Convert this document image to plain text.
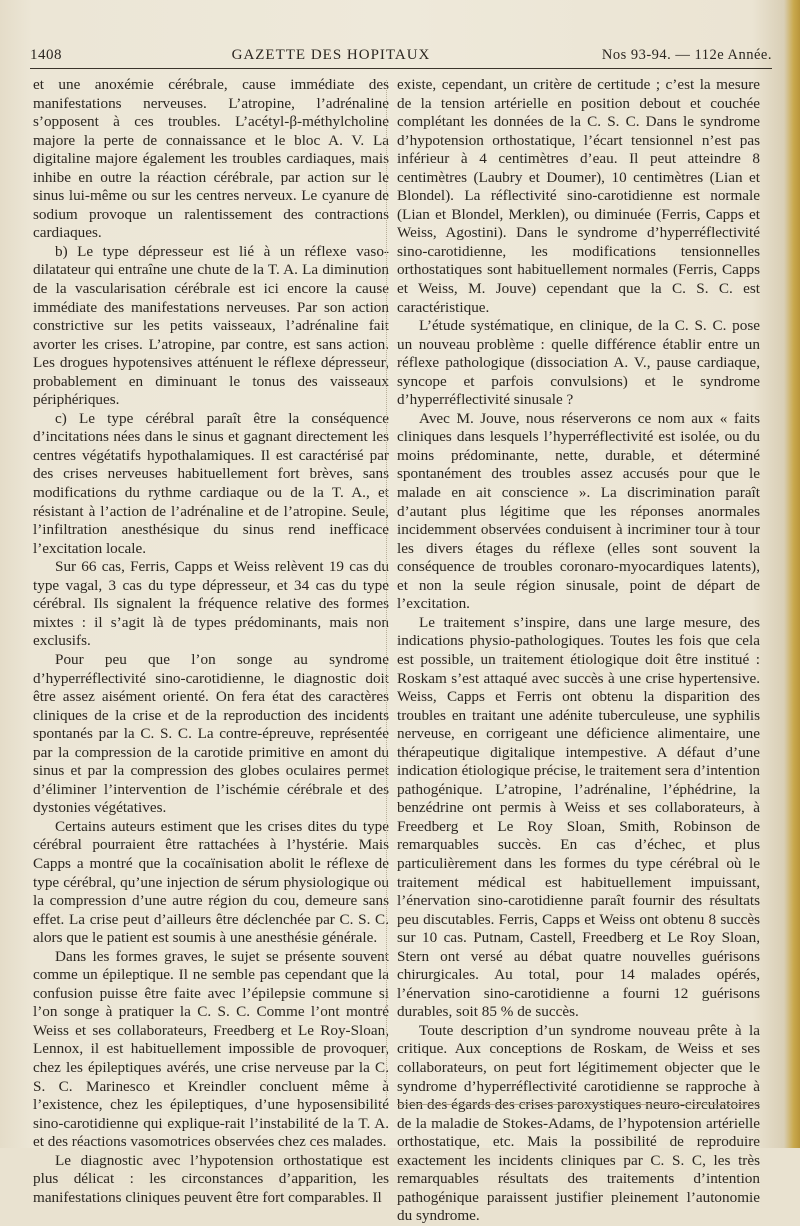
1408	GAZETTE DES HOPITAUX	Nos 93-94. — 112e Année.

et une anoxémie cérébrale, cause immédiate des manifestations nerveuses. L’atropine, l’adrénaline s’opposent à ces troubles. L’acétyl-β-méthylcholine majore la perte de connaissance et le bloc A. V. La digitaline majore également les troubles cardiaques, mais inhibe en outre la réaction cérébrale, par action sur le sinus lui-même ou sur les centres nerveux. Le cyanure de sodium provoque un ralentissement des contractions cardiaques.

b) Le type dépresseur est lié à un réflexe vaso-dilatateur qui entraîne une chute de la T. A. La diminution de la vascularisation cérébrale est ici encore la cause immédiate des manifestations nerveuses. Par son action constrictive sur les petits vaisseaux, l’adrénaline fait avorter les crises. L’atropine, par contre, est sans action. Les drogues hypotensives atténuent le réflexe dépresseur, probablement en diminuant le tonus des vaisseaux périphériques.

c) Le type cérébral paraît être la conséquence d’incitations nées dans le sinus et gagnant directement les centres végétatifs hypothalamiques. Il est caractérisé par des crises nerveuses habituellement fort brèves, sans modifications du rythme cardiaque ou de la T. A., et résistant à l’action de l’adrénaline et de l’atropine. Seule, l’infiltration anesthésique du sinus rend inefficace l’excitation locale.

Sur 66 cas, Ferris, Capps et Weiss relèvent 19 cas du type vagal, 3 cas du type dépresseur, et 34 cas du type cérébral. Ils signalent la fréquence relative des formes mixtes : il s’agit là de types prédominants, mais non exclusifs.

Pour peu que l’on songe au syndrome d’hyperréflectivité sino-carotidienne, le diagnostic doit être assez aisément orienté. On fera état des caractères cliniques de la crise et de la reproduction des incidents spontanés par la C. S. C. La contre-épreuve, représentée par la compression de la carotide primitive en amont du sinus et par la compression des globes oculaires permet d’éliminer l’intervention de l’ischémie cérébrale et des dystonies végétatives.

Certains auteurs estiment que les crises dites du type cérébral pourraient être rattachées à l’hystérie. Mais Capps a montré que la cocaïnisation abolit le réflexe de type cérébral, qu’une injection de sérum physiologique ou la compression d’une autre région du cou, demeure sans effet. La crise peut d’ailleurs être déclenchée par C. S. C. alors que le patient est soumis à une anesthésie générale.

Dans les formes graves, le sujet se présente souvent comme un épileptique. Il ne semble pas cependant que la confusion puisse être faite avec l’épilepsie commune si l’on songe à pratiquer la C. S. C. Comme l’ont montré Weiss et ses collaborateurs, Freedberg et Le Roy-Sloan, Lennox, il est habituellement impossible de provoquer, chez les épileptiques avérés, une crise nerveuse par la C. S. C. Marinesco et Kreindler concluent même à l’existence, chez les épileptiques, d’une hyposensibilité sino-carotidienne qui explique-rait l’instabilité de la T. A. et des réactions vasomotrices observées chez ces malades.

Le diagnostic avec l’hypotension orthostatique est plus délicat : les circonstances d’apparition, les manifestations cliniques peuvent être fort comparables. Il

existe, cependant, un critère de certitude ; c’est la mesure de la tension artérielle en position debout et couchée complétant les données de la C. S. C. Dans le syndrome d’hypotension orthostatique, l’écart tensionnel n’est pas inférieur à 4 centimètres d’eau. Il peut atteindre 8 centimètres (Laubry et Doumer), 10 centimètres (Lian et Blondel). La réflectivité sino-carotidienne est normale (Lian et Blondel, Merklen), ou diminuée (Ferris, Capps et Weiss, Agostini). Dans le syndrome d’hyperréflectivité sino-carotidienne, les modifications tensionnelles orthostatiques sont habituellement normales (Ferris, Capps et Weiss, M. Jouve) cependant que la C. S. C. est caractéristique.

L’étude systématique, en clinique, de la C. S. C. pose un nouveau problème : quelle différence établir entre un réflexe pathologique (dissociation A. V., pause cardiaque, syncope et parfois convulsions) et le syndrome d’hyperréflectivité sinusale ?

Avec M. Jouve, nous réserverons ce nom aux « faits cliniques dans lesquels l’hyperréflectivité est isolée, ou du moins prédominante, nette, durable, et déterminé spontanément des troubles assez accusés pour que le malade en ait conscience ». La discrimination paraît d’autant plus légitime que les réponses anormales incidemment observées conduisent à incriminer tour à tour les divers étages du réflexe (elles sont souvent la conséquence de troubles coronaro-myocardiques latents), et non la seule région sinusale, point de départ de l’excitation.

Le traitement s’inspire, dans une large mesure, des indications physio-pathologiques. Toutes les fois que cela est possible, un traitement étiologique doit être institué : Roskam s’est attaqué avec succès à une crise hypertensive. Weiss, Capps et Ferris ont obtenu la disparition des troubles en traitant une adénite tuberculeuse, une syphilis nerveuse, en corrigeant une déficience alimentaire, une thérapeutique digitalique intempestive. A défaut d’une indication étiologique précise, le traitement sera d’intention pathogénique. L’atropine, l’adrénaline, l’éphédrine, la benzédrine ont permis à Weiss et ses collaborateurs, à Freedberg et Le Roy Sloan, Smith, Robinson de remarquables succès. En cas d’échec, et plus particulièrement dans les formes du type cérébral où le traitement médical est habituellement impuissant, l’énervation sino-carotidienne paraît fournir des résultats peu discutables. Ferris, Capps et Weiss ont obtenu 8 succès sur 10 cas. Putnam, Castell, Freedberg et Le Roy Sloan, Stern ont versé au débat quatre nouvelles guérisons chirurgicales. Au total, pour 14 malades opérés, l’énervation sino-carotidienne a fourni 12 guérisons durables, soit 85 % de succès.

Toute description d’un syndrome nouveau prête à la critique. Aux conceptions de Roskam, de Weiss et ses collaborateurs, on peut fort légitimement objecter que le syndrome d’hyperréflectivité carotidienne se rapproche à bien des égards des crises paroxystiques neuro-circulatoires de la maladie de Stokes-Adams, de l’hypotension artérielle orthostatique, etc. Mais la possibilité de reproduire exactement les incidents cliniques par C. S. C, les très remarquables résultats des traitements d’intention pathogénique paraissent justifier pleinement l’autonomie du syndrome.
